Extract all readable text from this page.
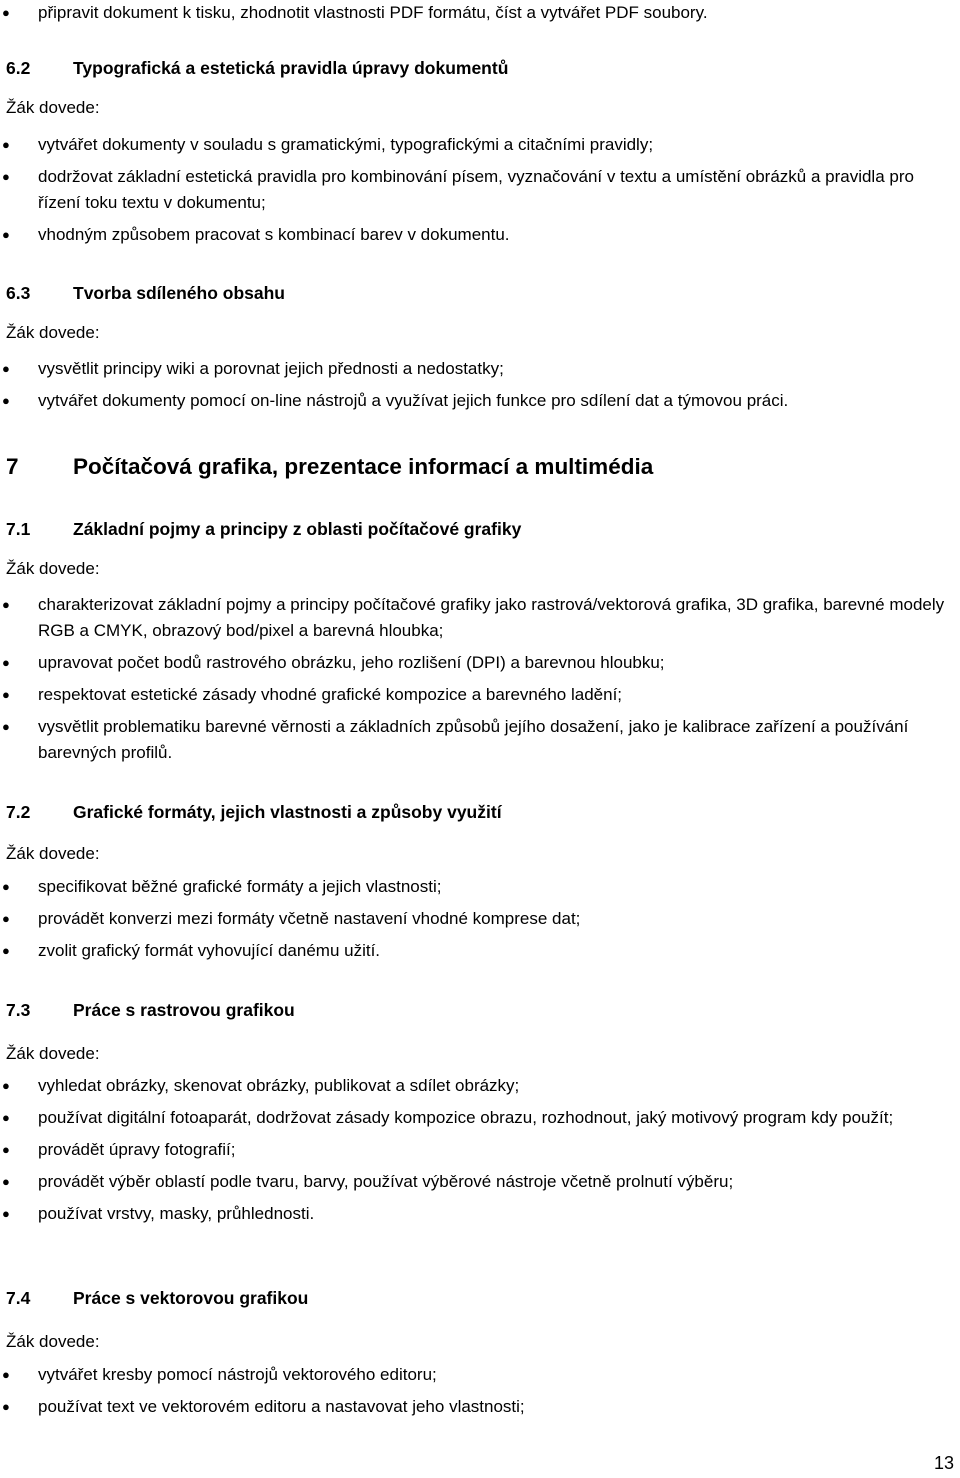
●	připravit dokument k tisku, zhodnotit vlastnosti PDF formátu, číst a vytvářet PDF soubory.
6.2 Typografická a estetická pravidla úpravy dokumentů
Žák dovede:
●	vytvářet dokumenty v souladu s gramatickými, typografickými a citačními pravidly;
●	dodržovat základní estetická pravidla pro kombinování písem, vyznačování v textu a umístění obrázků a pravidla pro řízení toku textu v dokumentu;
●	vhodným způsobem pracovat s kombinací barev v dokumentu.
6.3 Tvorba sdíleného obsahu
Žák dovede:
●	vysvětlit principy wiki a porovnat jejich přednosti a nedostatky;
●	vytvářet dokumenty pomocí on-line nástrojů a využívat jejich funkce pro sdílení dat a týmovou práci.
7 Počítačová grafika, prezentace informací a multimédia
7.1 Základní pojmy a principy z oblasti počítačové grafiky
Žák dovede:
●	charakterizovat základní pojmy a principy počítačové grafiky jako rastrová/vektorová grafika, 3D grafika, barevné modely RGB a CMYK, obrazový bod/pixel a barevná hloubka;
●	upravovat počet bodů rastrového obrázku, jeho rozlišení (DPI) a barevnou hloubku;
●	respektovat estetické zásady vhodné grafické kompozice a barevného ladění;
●	vysvětlit problematiku barevné věrnosti a základních způsobů jejího dosažení, jako je kalibrace zařízení a používání barevných profilů.
7.2 Grafické formáty, jejich vlastnosti a způsoby využití
Žák dovede:
●	specifikovat běžné grafické formáty a jejich vlastnosti;
●	provádět konverzi mezi formáty včetně nastavení vhodné komprese dat;
●	zvolit grafický formát vyhovující danému užití.
7.3 Práce s rastrovou grafikou
Žák dovede:
●	vyhledat obrázky, skenovat obrázky, publikovat a sdílet obrázky;
●	používat digitální fotoaparát, dodržovat zásady kompozice obrazu, rozhodnout, jaký motivový program kdy použít;
●	provádět úpravy fotografií;
●	provádět výběr oblastí podle tvaru, barvy, používat výběrové nástroje včetně prolnutí výběru;
●	používat vrstvy, masky, průhlednosti.
7.4 Práce s vektorovou grafikou
Žák dovede:
●	vytvářet kresby pomocí nástrojů vektorového editoru;
●	používat text ve vektorovém editoru a nastavovat jeho vlastnosti;
13
